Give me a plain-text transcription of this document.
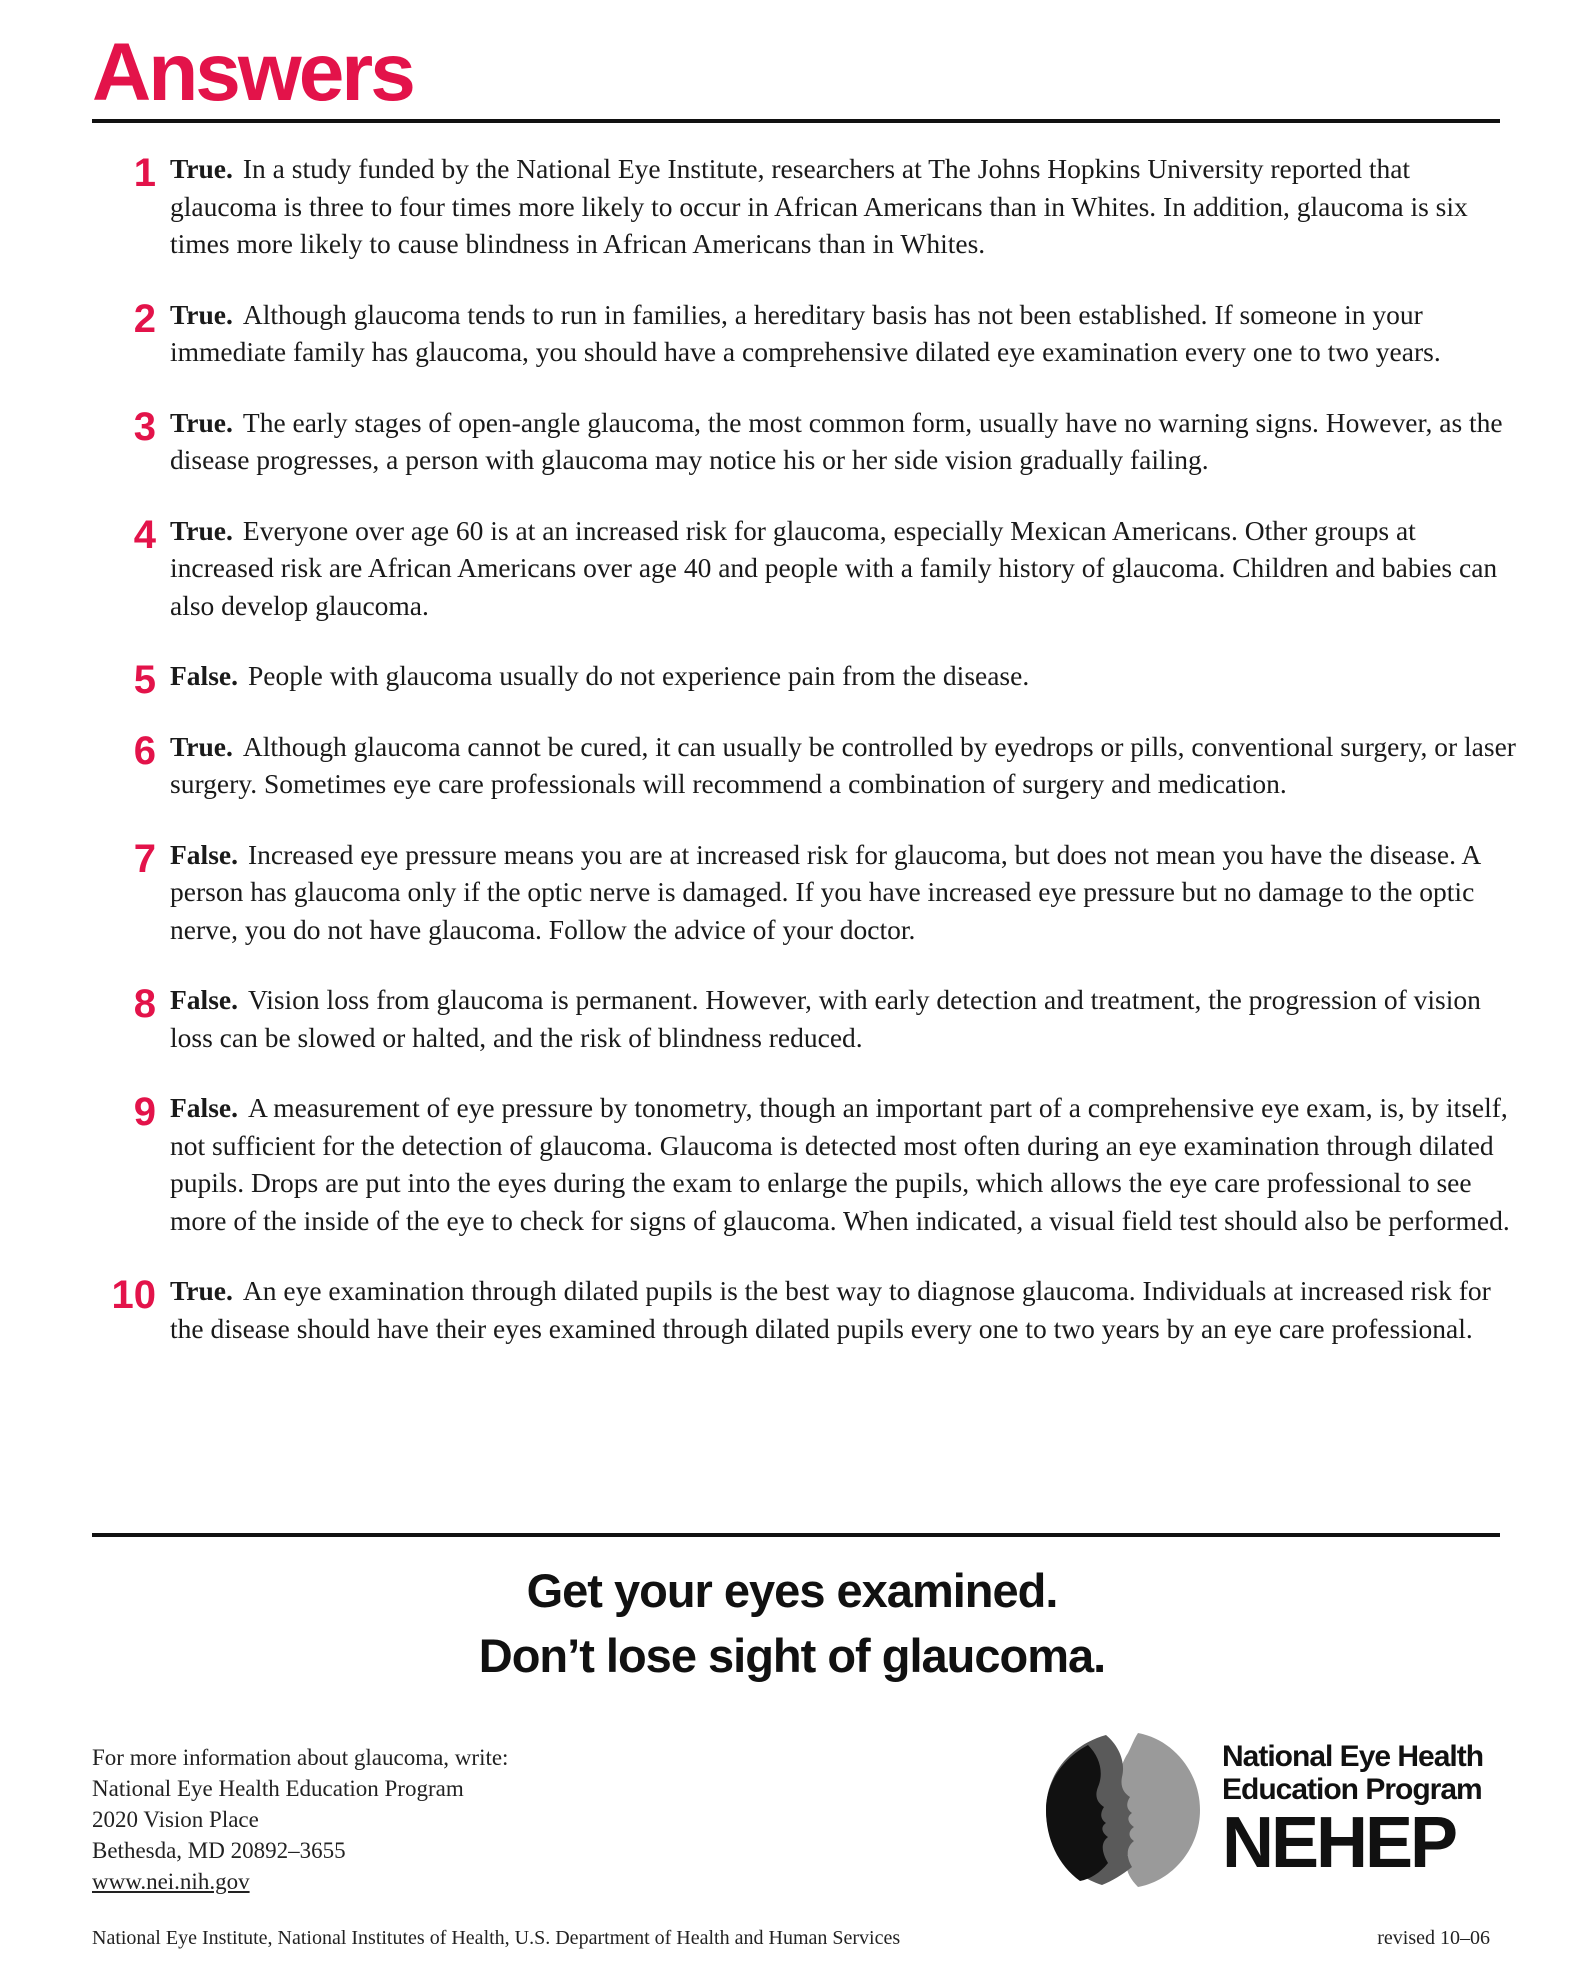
Answers
1 True. In a study funded by the National Eye Institute, researchers at The Johns Hopkins University reported that glaucoma is three to four times more likely to occur in African Americans than in Whites. In addition, glaucoma is six times more likely to cause blindness in African Americans than in Whites.
2 True. Although glaucoma tends to run in families, a hereditary basis has not been established. If someone in your immediate family has glaucoma, you should have a comprehensive dilated eye examination every one to two years.
3 True. The early stages of open-angle glaucoma, the most common form, usually have no warning signs. However, as the disease progresses, a person with glaucoma may notice his or her side vision gradually failing.
4 True. Everyone over age 60 is at an increased risk for glaucoma, especially Mexican Americans. Other groups at increased risk are African Americans over age 40 and people with a family history of glaucoma. Children and babies can also develop glaucoma.
5 False. People with glaucoma usually do not experience pain from the disease.
6 True. Although glaucoma cannot be cured, it can usually be controlled by eyedrops or pills, conventional surgery, or laser surgery. Sometimes eye care professionals will recommend a combination of surgery and medication.
7 False. Increased eye pressure means you are at increased risk for glaucoma, but does not mean you have the disease. A person has glaucoma only if the optic nerve is damaged. If you have increased eye pressure but no damage to the optic nerve, you do not have glaucoma. Follow the advice of your doctor.
8 False. Vision loss from glaucoma is permanent. However, with early detection and treatment, the progression of vision loss can be slowed or halted, and the risk of blindness reduced.
9 False. A measurement of eye pressure by tonometry, though an important part of a comprehensive eye exam, is, by itself, not sufficient for the detection of glaucoma. Glaucoma is detected most often during an eye examination through dilated pupils. Drops are put into the eyes during the exam to enlarge the pupils, which allows the eye care professional to see more of the inside of the eye to check for signs of glaucoma. When indicated, a visual field test should also be performed.
10 True. An eye examination through dilated pupils is the best way to diagnose glaucoma. Individuals at increased risk for the disease should have their eyes examined through dilated pupils every one to two years by an eye care professional.
Get your eyes examined.
Don’t lose sight of glaucoma.
For more information about glaucoma, write:
National Eye Health Education Program
2020 Vision Place
Bethesda, MD 20892–3655
www.nei.nih.gov
National Eye Health
Education Program
NEHEP
National Eye Institute, National Institutes of Health, U.S. Department of Health and Human Services	revised 10–06
